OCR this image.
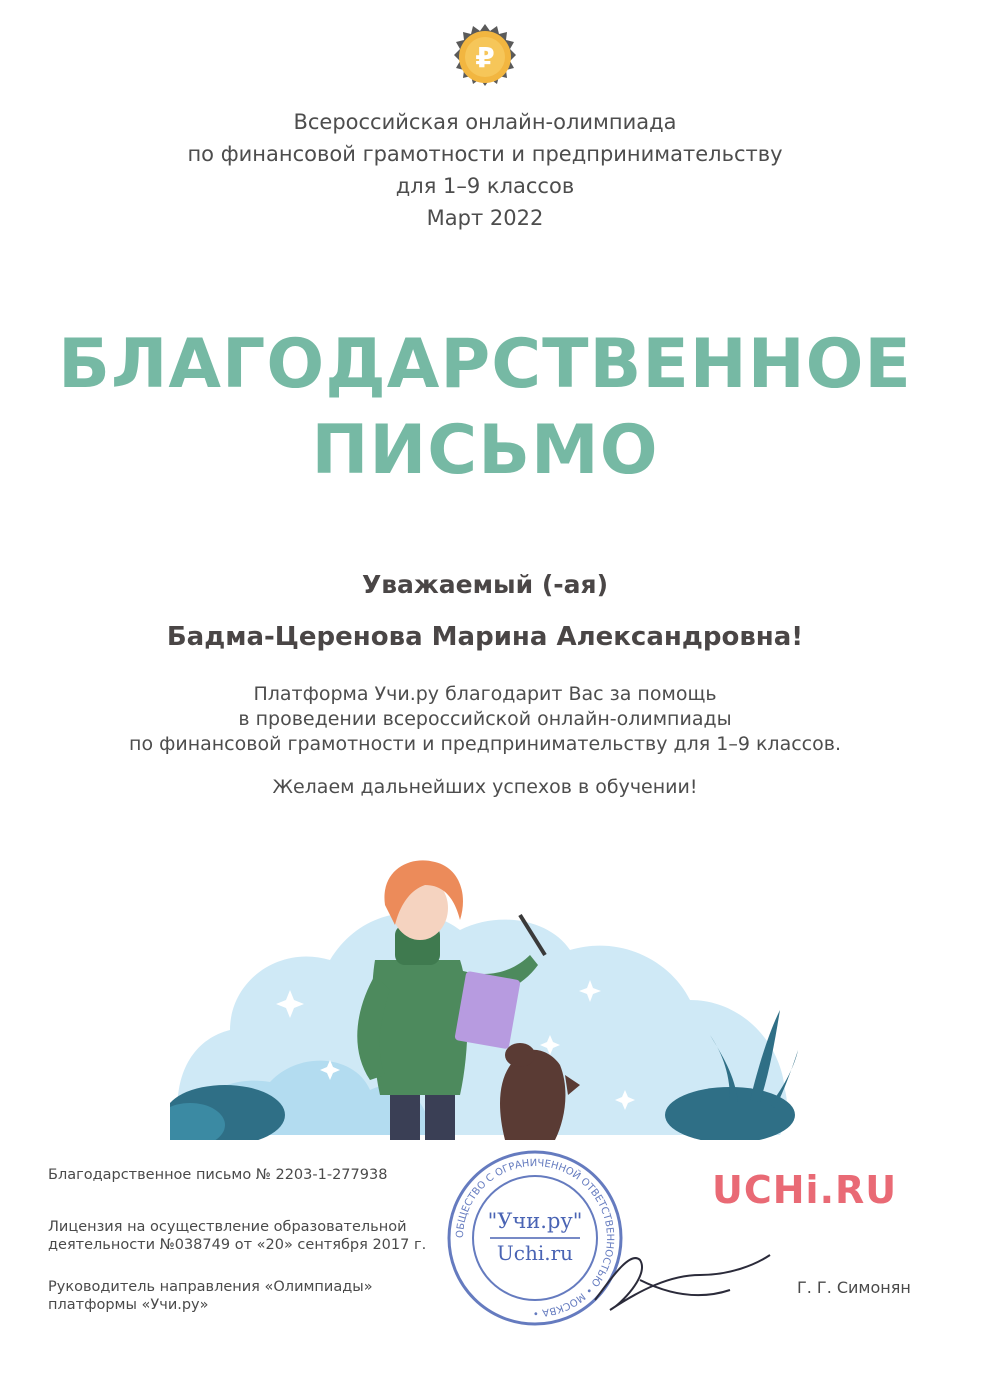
₽
Всероссийская онлайн-олимпиада
по финансовой грамотности и предпринимательству
для 1–9 классов
Март 2022
БЛАГОДАРСТВЕННОЕ
ПИСЬМО
Уважаемый (-ая)
Бадма-Церенова Марина Александровна!
Платформа Учи.ру благодарит Вас за помощь
в проведении всероссийской онлайн-олимпиады
по финансовой грамотности и предпринимательству для 1–9 классов.
Желаем дальнейших успехов в обучении!
Благодарственное письмо № 2203-1-277938
Лицензия на осуществление образовательной
деятельности №038749 от «20» сентября 2017 г.
Руководитель направления «Олимпиады»
платформы «Учи.ру»
ОБЩЕСТВО С ОГРАНИЧЕННОЙ ОТВЕТСТВЕННОСТЬЮ • МОСКВА •
"Учи.ру"
Uchi.ru
UCHi.RU
Г. Г. Симонян
